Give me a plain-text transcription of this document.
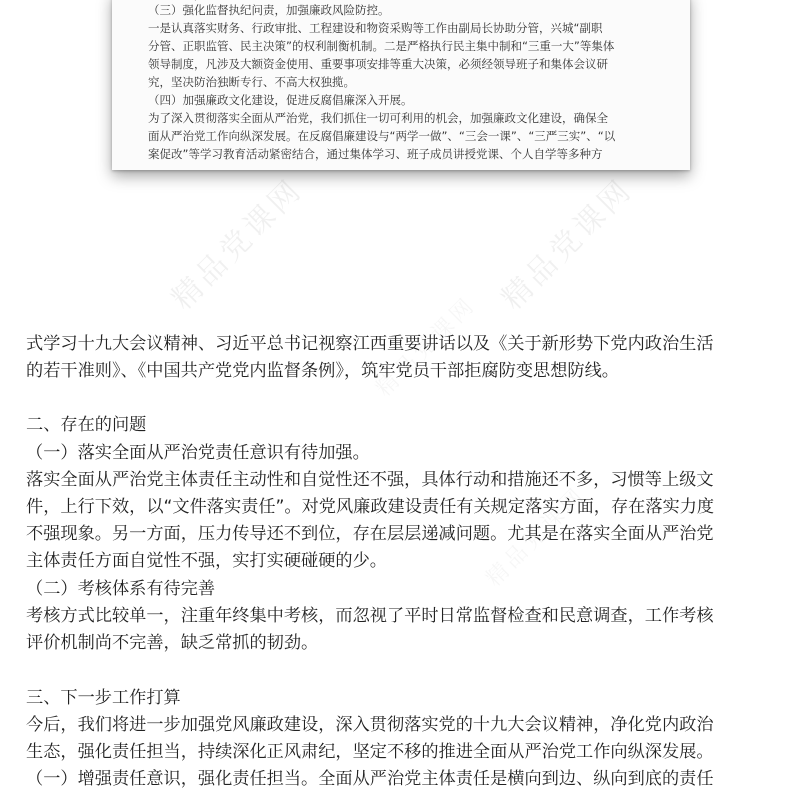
（三）强化监督执纪问责，加强廉政风险防控。
一是认真落实财务、行政审批、工程建设和物资采购等工作由副局长协助分管，兴城“副职
分管、正职监管、民主决策”的权利制衡机制。二是严格执行民主集中制和“三重一大”等集体
领导制度，凡涉及大额资金使用、重要事项安排等重大决策，必须经领导班子和集体会议研
究，坚决防治独断专行、不高大权独揽。
（四）加强廉政文化建设，促进反腐倡廉深入开展。
为了深入贯彻落实全面从严治党，我们抓住一切可利用的机会，加强廉政文化建设，确保全
面从严治党工作向纵深发展。在反腐倡廉建设与“两学一做”、“三会一课”、“三严三实”、“以
案促改”等学习教育活动紧密结合，通过集体学习、班子成员讲授党课、个人自学等多种方
精品党课网	精品党课网
式学习十九大会议精神、习近平总书记视察江西重要讲话以及《关于新形势下党内政治生活
的若干准则》、《中国共产党党内监督条例》，筑牢党员干部拒腐防变思想防线。
二、存在的问题
（一）落实全面从严治党责任意识有待加强。
落实全面从严治党主体责任主动性和自觉性还不强，具体行动和措施还不多，习惯等上级文
件，上行下效，以“文件落实责任”。对党风廉政建设责任有关规定落实方面，存在落实力度
不强现象。另一方面，压力传导还不到位，存在层层递减问题。尤其是在落实全面从严治党
主体责任方面自觉性不强，实打实硬碰硬的少。
（二）考核体系有待完善
考核方式比较单一，注重年终集中考核，而忽视了平时日常监督检查和民意调查，工作考核
评价机制尚不完善，缺乏常抓的韧劲。
三、下一步工作打算
今后，我们将进一步加强党风廉政建设，深入贯彻落实党的十九大会议精神，净化党内政治
生态，强化责任担当，持续深化正风肃纪，坚定不移的推进全面从严治党工作向纵深发展。
（一）增强责任意识，强化责任担当。全面从严治党主体责任是横向到边、纵向到底的责任
